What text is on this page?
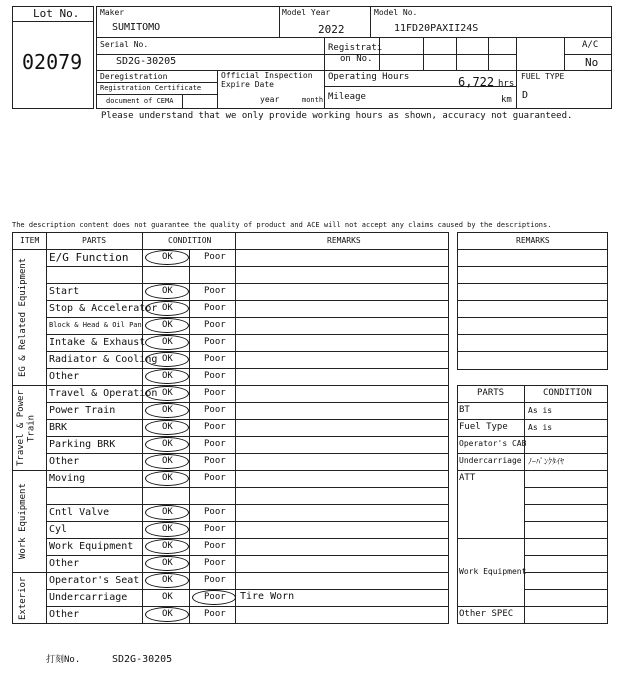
Lot No.
02079
Maker
SUMITOMO
Model Year
2022
Model No.
11FD20PAXII24S
Serial No.
SD2G-30205
Registrati
on No.
A/C
No
Deregistration
Registration Certificate
document of CEMA
Official Inspection
Expire Date
year	month
Operating Hours	6,722 hrs
Mileage	km
FUEL TYPE
D
Please understand that we only provide working hours as shown, accuracy not guaranteed.
The description content does not guarantee the quality of product and ACE will not accept any claims caused by the descriptions.
ITEM	PARTS	CONDITION	REMARKS
EG & Related Equipment
Travel & Power
Train
Work Equipment
Exterior
E/G Function	OK	Poor
Start	OK	Poor
Stop & Accelerator OK	Poor
Block & Head & Oil Pan OK	Poor
Intake & Exhaust OK	Poor
Radiator & Cooling OK	Poor
Other	OK	Poor
Travel & Operation OK	Poor
Power Train	OK	Poor
BRK	OK	Poor
Parking BRK	OK	Poor
Other	OK	Poor
Moving	OK	Poor
Cntl Valve	OK	Poor
Cyl	OK	Poor
Work Equipment	OK	Poor
Other	OK	Poor
Operator's Seat	OK	Poor
Undercarriage	OK	Poor Tire Worn
Other	OK	Poor
REMARKS
PARTS	CONDITION
BT	As is
Fuel Type	As is
Operator's CAB
Undercarriage ﾉｰﾊﾟﾝｸﾀｲﾔ
ATT
Work Equipment
Other SPEC
打刻No.	SD2G-30205
